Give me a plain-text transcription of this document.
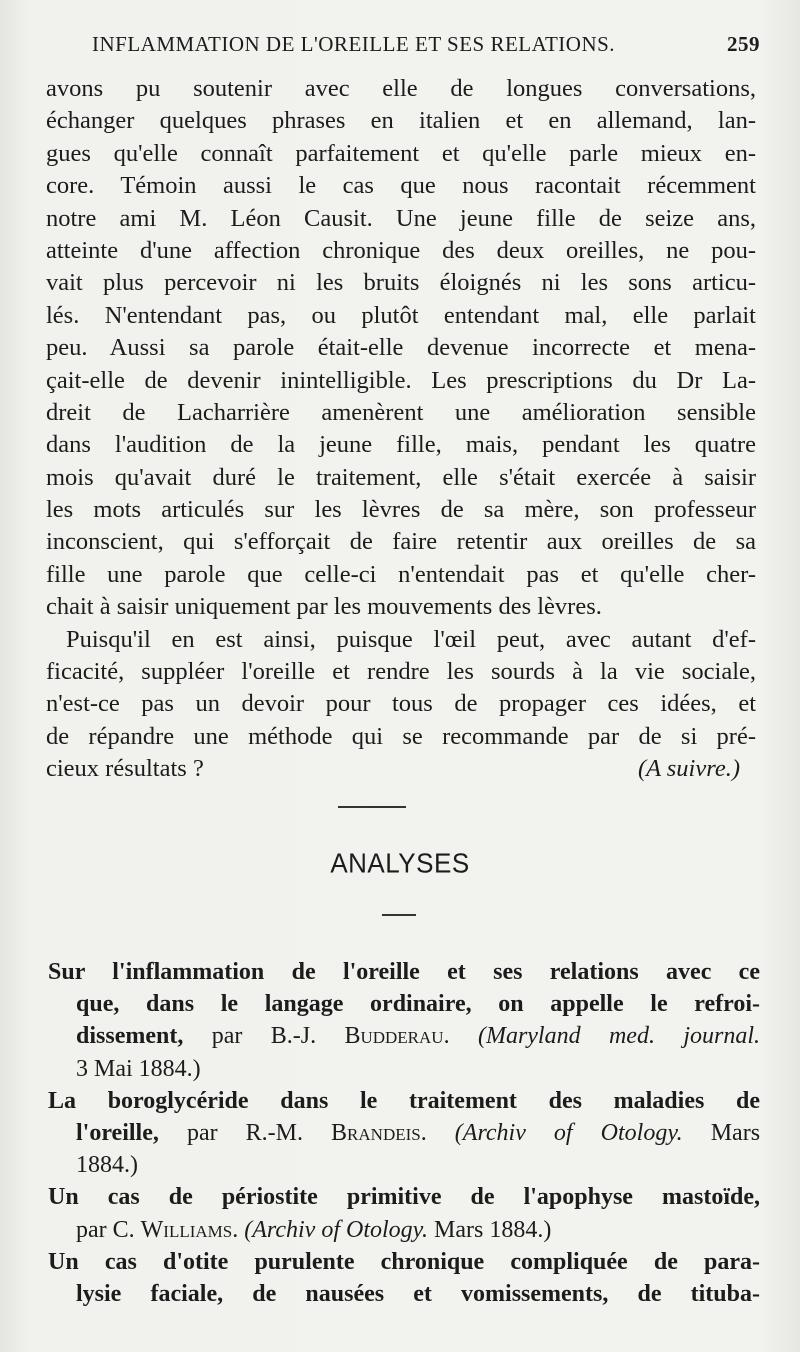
INFLAMMATION DE L'OREILLE ET SES RELATIONS.	259
avons pu soutenir avec elle de longues conversations,
échanger quelques phrases en italien et en allemand, lan-
gues qu'elle connaît parfaitement et qu'elle parle mieux en-
core. Témoin aussi le cas que nous racontait récemment
notre ami M. Léon Causit. Une jeune fille de seize ans,
atteinte d'une affection chronique des deux oreilles, ne pou-
vait plus percevoir ni les bruits éloignés ni les sons articu-
lés. N'entendant pas, ou plutôt entendant mal, elle parlait
peu. Aussi sa parole était-elle devenue incorrecte et mena-
çait-elle de devenir inintelligible. Les prescriptions du Dr La-
dreit de Lacharrière amenèrent une amélioration sensible
dans l'audition de la jeune fille, mais, pendant les quatre
mois qu'avait duré le traitement, elle s'était exercée à saisir
les mots articulés sur les lèvres de sa mère, son professeur
inconscient, qui s'efforçait de faire retentir aux oreilles de sa
fille une parole que celle-ci n'entendait pas et qu'elle cher-
chait à saisir uniquement par les mouvements des lèvres.
Puisqu'il en est ainsi, puisque l'œil peut, avec autant d'ef-
ficacité, suppléer l'oreille et rendre les sourds à la vie sociale,
n'est-ce pas un devoir pour tous de propager ces idées, et
de répandre une méthode qui se recommande par de si pré-
cieux résultats ?	(A suivre.)
ANALYSES
Sur l'inflammation de l'oreille et ses relations avec ce
que, dans le langage ordinaire, on appelle le refroi-
dissement, par B.-J. Budderau. (Maryland med. journal.
3 Mai 1884.)
La boroglycéride dans le traitement des maladies de
l'oreille, par R.-M. Brandeis. (Archiv of Otology. Mars
1884.)
Un cas de périostite primitive de l'apophyse mastoïde,
par C. Williams. (Archiv of Otology. Mars 1884.)
Un cas d'otite purulente chronique compliquée de para-
lysie faciale, de nausées et vomissements, de tituba-
